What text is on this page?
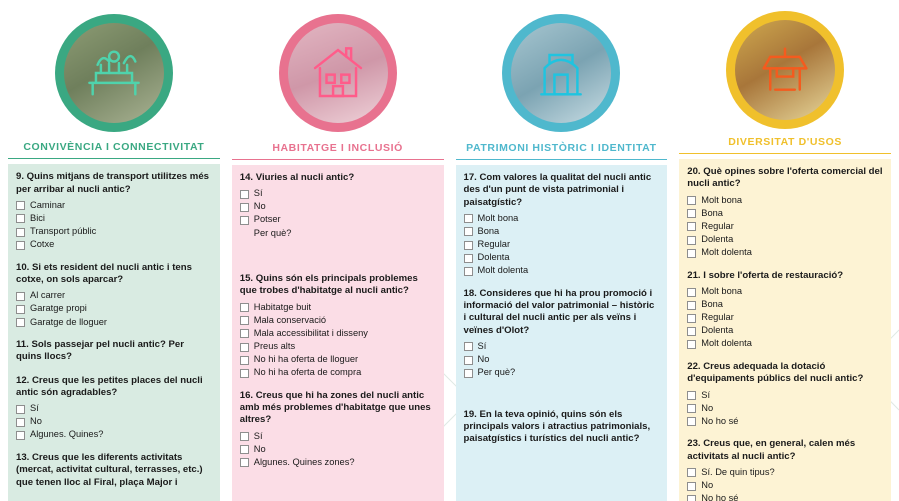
CONVIVÈNCIA I CONNECTIVITAT
9. Quins mitjans de transport utilitzes més per arribar al nucli antic?
Caminar
Bici
Transport públic
Cotxe
10. Si ets resident del nucli antic i tens cotxe, on sols aparcar?
Al carrer
Garatge propi
Garatge de lloguer
11. Sols passejar pel nucli antic? Per quins llocs?
12. Creus que les petites places del nucli antic són agradables?
Sí
No
Algunes. Quines?
13. Creus que les diferents activitats (mercat, activitat cultural, terrasses, etc.) que tenen lloc al Firal, plaça Major i
HABITATGE I INCLUSIÓ
14. Viuries al nucli antic?
Sí
No
Potser
Per què?
15. Quins són els principals problemes que trobes d'habitatge al nucli antic?
Habitatge buit
Mala conservació
Mala accessibilitat i disseny
Preus alts
No hi ha oferta de lloguer
No hi ha oferta de compra
16. Creus que hi ha zones del nucli antic amb més problemes d'habitatge que unes altres?
Sí
No
Algunes. Quines zones?
PATRIMONI HISTÒRIC I IDENTITAT
17. Com valores la qualitat del nucli antic des d'un punt de vista patrimonial i paisatgístic?
Molt bona
Bona
Regular
Dolenta
Molt dolenta
18. Consideres que hi ha prou promoció i informació del valor patrimonial – històric i cultural del nucli antic per als veïns i veïnes d'Olot?
Sí
No
Per què?
19. En la teva opinió, quins són els principals valors i atractius patrimonials, paisatgístics i turístics del nucli antic?
DIVERSITAT D'USOS
20. Què opines sobre l'oferta comercial del nucli antic?
Molt bona
Bona
Regular
Dolenta
Molt dolenta
21. I sobre l'oferta de restauració?
Molt bona
Bona
Regular
Dolenta
Molt dolenta
22. Creus adequada la dotació d'equipaments públics del nucli antic?
Sí
No
No ho sé
23. Creus que, en general, calen més activitats al nucli antic?
Sí. De quin tipus?
No
No ho sé
